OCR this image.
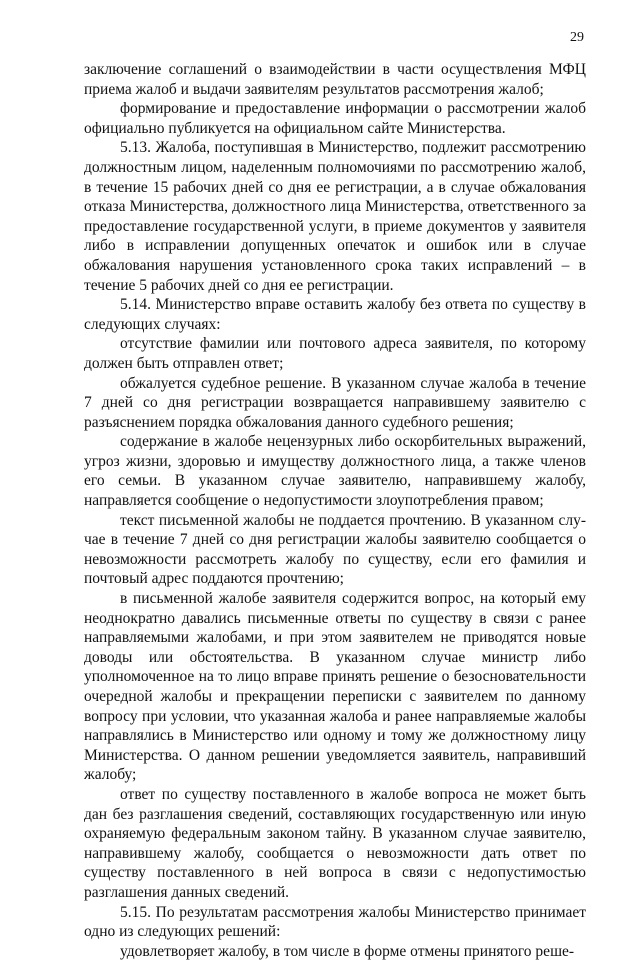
29

заключение соглашений о взаимодействии в части осуществления МФЦ приема жалоб и выдачи заявителям результатов рассмотрения жалоб;

формирование и предоставление информации о рассмотрении жалоб официально публикуется на официальном сайте Министерства.

5.13. Жалоба, поступившая в Министерство, подлежит рассмотрению должностным лицом, наделенным полномочиями по рассмотрению жалоб, в течение 15 рабочих дней со дня ее регистрации, а в случае обжалования отказа Министерства, должностного лица Министерства, ответственного за предоставление государственной услуги, в приеме документов у заявителя либо в исправлении допущенных опечаток и ошибок или в случае обжалования нарушения установленного срока таких исправлений – в течение 5 рабочих дней со дня ее регистрации.

5.14. Министерство вправе оставить жалобу без ответа по существу в следующих случаях:

отсутствие фамилии или почтового адреса заявителя, по которому должен быть отправлен ответ;

обжалуется судебное решение. В указанном случае жалоба в течение 7 дней со дня регистрации возвращается направившему заявителю с разъяснением порядка обжалования данного судебного решения;

содержание в жалобе нецензурных либо оскорбительных выражений, угроз жизни, здоровью и имуществу должностного лица, а также членов его семьи. В указанном случае заявителю, направившему жалобу, направляется сообщение о недопустимости злоупотребления правом;

текст письменной жалобы не поддается прочтению. В указанном случае в течение 7 дней со дня регистрации жалобы заявителю сообщается о невозможности рассмотреть жалобу по существу, если его фамилия и почтовый адрес поддаются прочтению;

в письменной жалобе заявителя содержится вопрос, на который ему неоднократно давались письменные ответы по существу в связи с ранее направляемыми жалобами, и при этом заявителем не приводятся новые доводы или обстоятельства. В указанном случае министр либо уполномоченное на то лицо вправе принять решение о безосновательности очередной жалобы и прекращении переписки с заявителем по данному вопросу при условии, что указанная жалоба и ранее направляемые жалобы направлялись в Министерство или одному и тому же должностному лицу Министерства. О данном решении уведомляется заявитель, направивший жалобу;

ответ по существу поставленного в жалобе вопроса не может быть дан без разглашения сведений, составляющих государственную или иную охраняемую федеральным законом тайну. В указанном случае заявителю, направившему жалобу, сообщается о невозможности дать ответ по существу поставленного в ней вопроса в связи с недопустимостью разглашения данных сведений.

5.15. По результатам рассмотрения жалобы Министерство принимает одно из следующих решений:

удовлетворяет жалобу, в том числе в форме отмены принятого реше-
